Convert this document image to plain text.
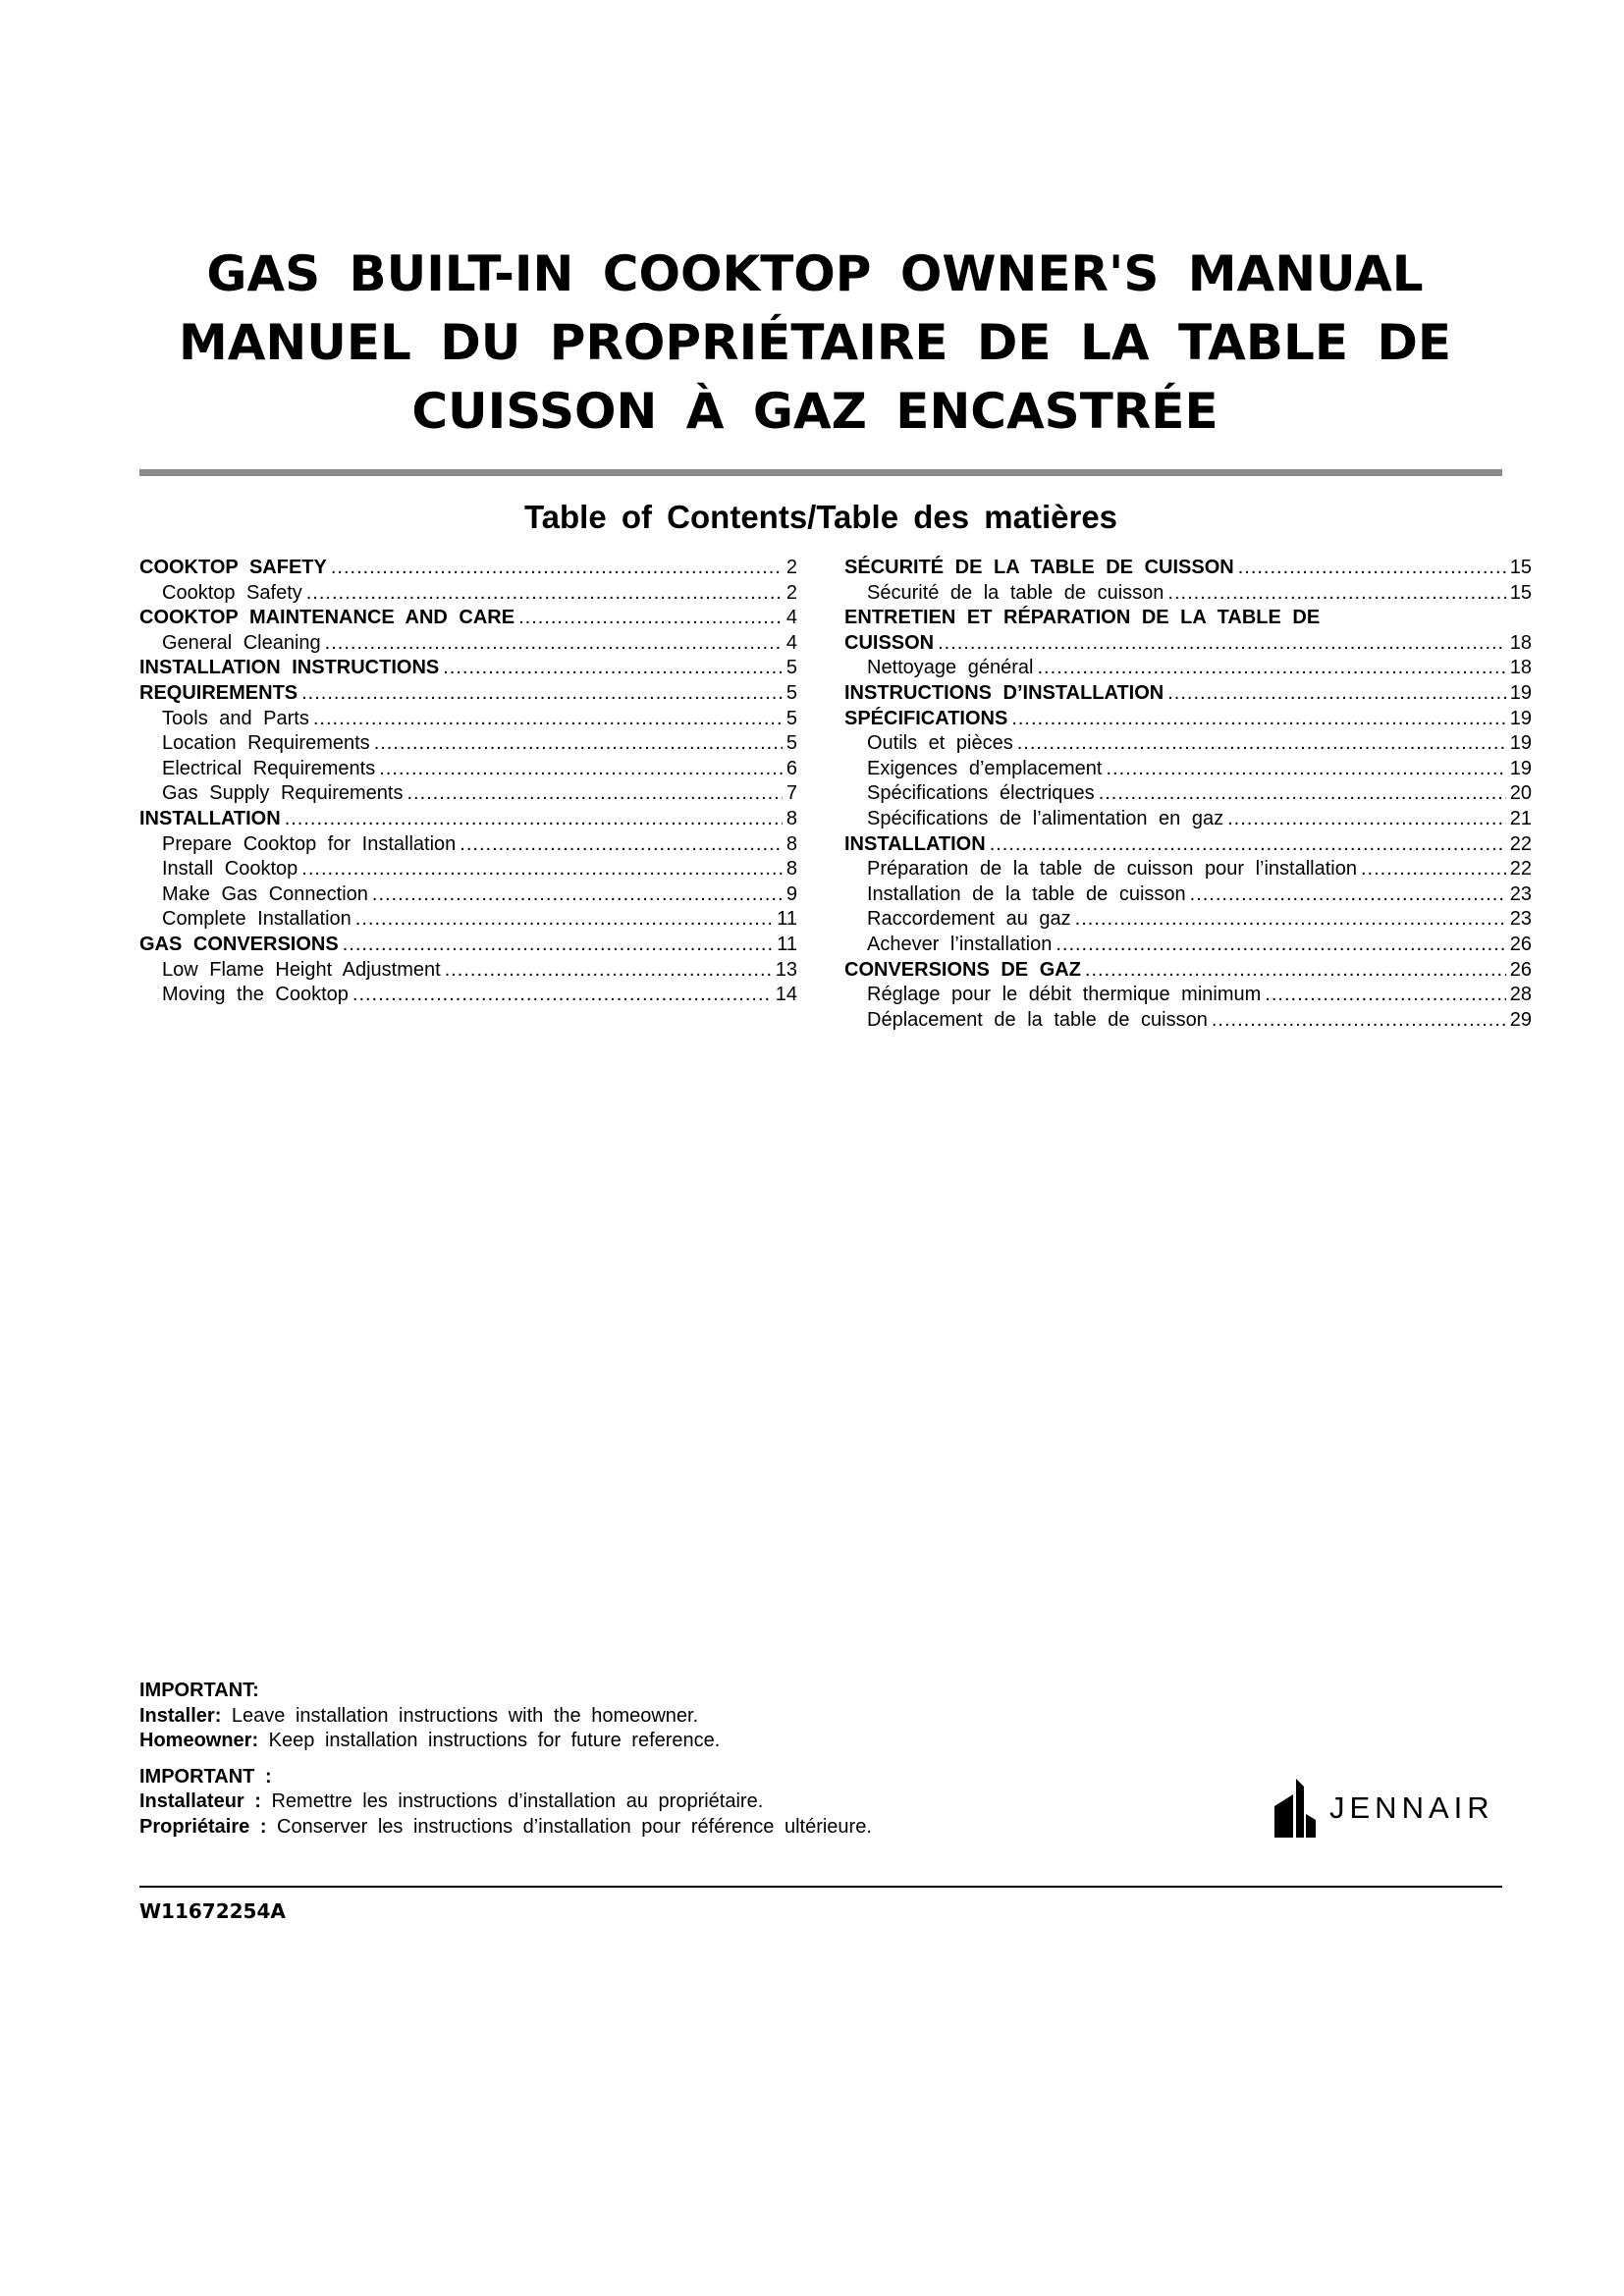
GAS BUILT-IN COOKTOP OWNER'S MANUAL
MANUEL DU PROPRIÉTAIRE DE LA TABLE DE
CUISSON À GAZ ENCASTRÉE
Table of Contents/Table des matières
COOKTOP SAFETY .....	2
Cooktop Safety .....	2
COOKTOP MAINTENANCE AND CARE .....	4
General Cleaning .....	4
INSTALLATION INSTRUCTIONS .....	5
REQUIREMENTS .....	5
Tools and Parts .....	5
Location Requirements .....	5
Electrical Requirements .....	6
Gas Supply Requirements .....	7
INSTALLATION .....	8
Prepare Cooktop for Installation .....	8
Install Cooktop .....	8
Make Gas Connection .....	9
Complete Installation .....	11
GAS CONVERSIONS .....	11
Low Flame Height Adjustment .....	13
Moving the Cooktop .....	14
SÉCURITÉ DE LA TABLE DE CUISSON .....	15
Sécurité de la table de cuisson .....	15
ENTRETIEN ET RÉPARATION DE LA TABLE DE
CUISSON .....	18
Nettoyage général .....	18
INSTRUCTIONS D’INSTALLATION .....	19
SPÉCIFICATIONS .....	19
Outils et pièces .....	19
Exigences d’emplacement .....	19
Spécifications électriques .....	20
Spécifications de l’alimentation en gaz .....	21
INSTALLATION .....	22
Préparation de la table de cuisson pour l’installation .....	22
Installation de la table de cuisson .....	23
Raccordement au gaz .....	23
Achever l’installation .....	26
CONVERSIONS DE GAZ .....	26
Réglage pour le débit thermique minimum .....	28
Déplacement de la table de cuisson .....	29
IMPORTANT:
Installer: Leave installation instructions with the homeowner.
Homeowner: Keep installation instructions for future reference.
IMPORTANT :
Installateur : Remettre les instructions d’installation au propriétaire.
Propriétaire : Conserver les instructions d’installation pour référence ultérieure.
JENNAIR
W11672254A
